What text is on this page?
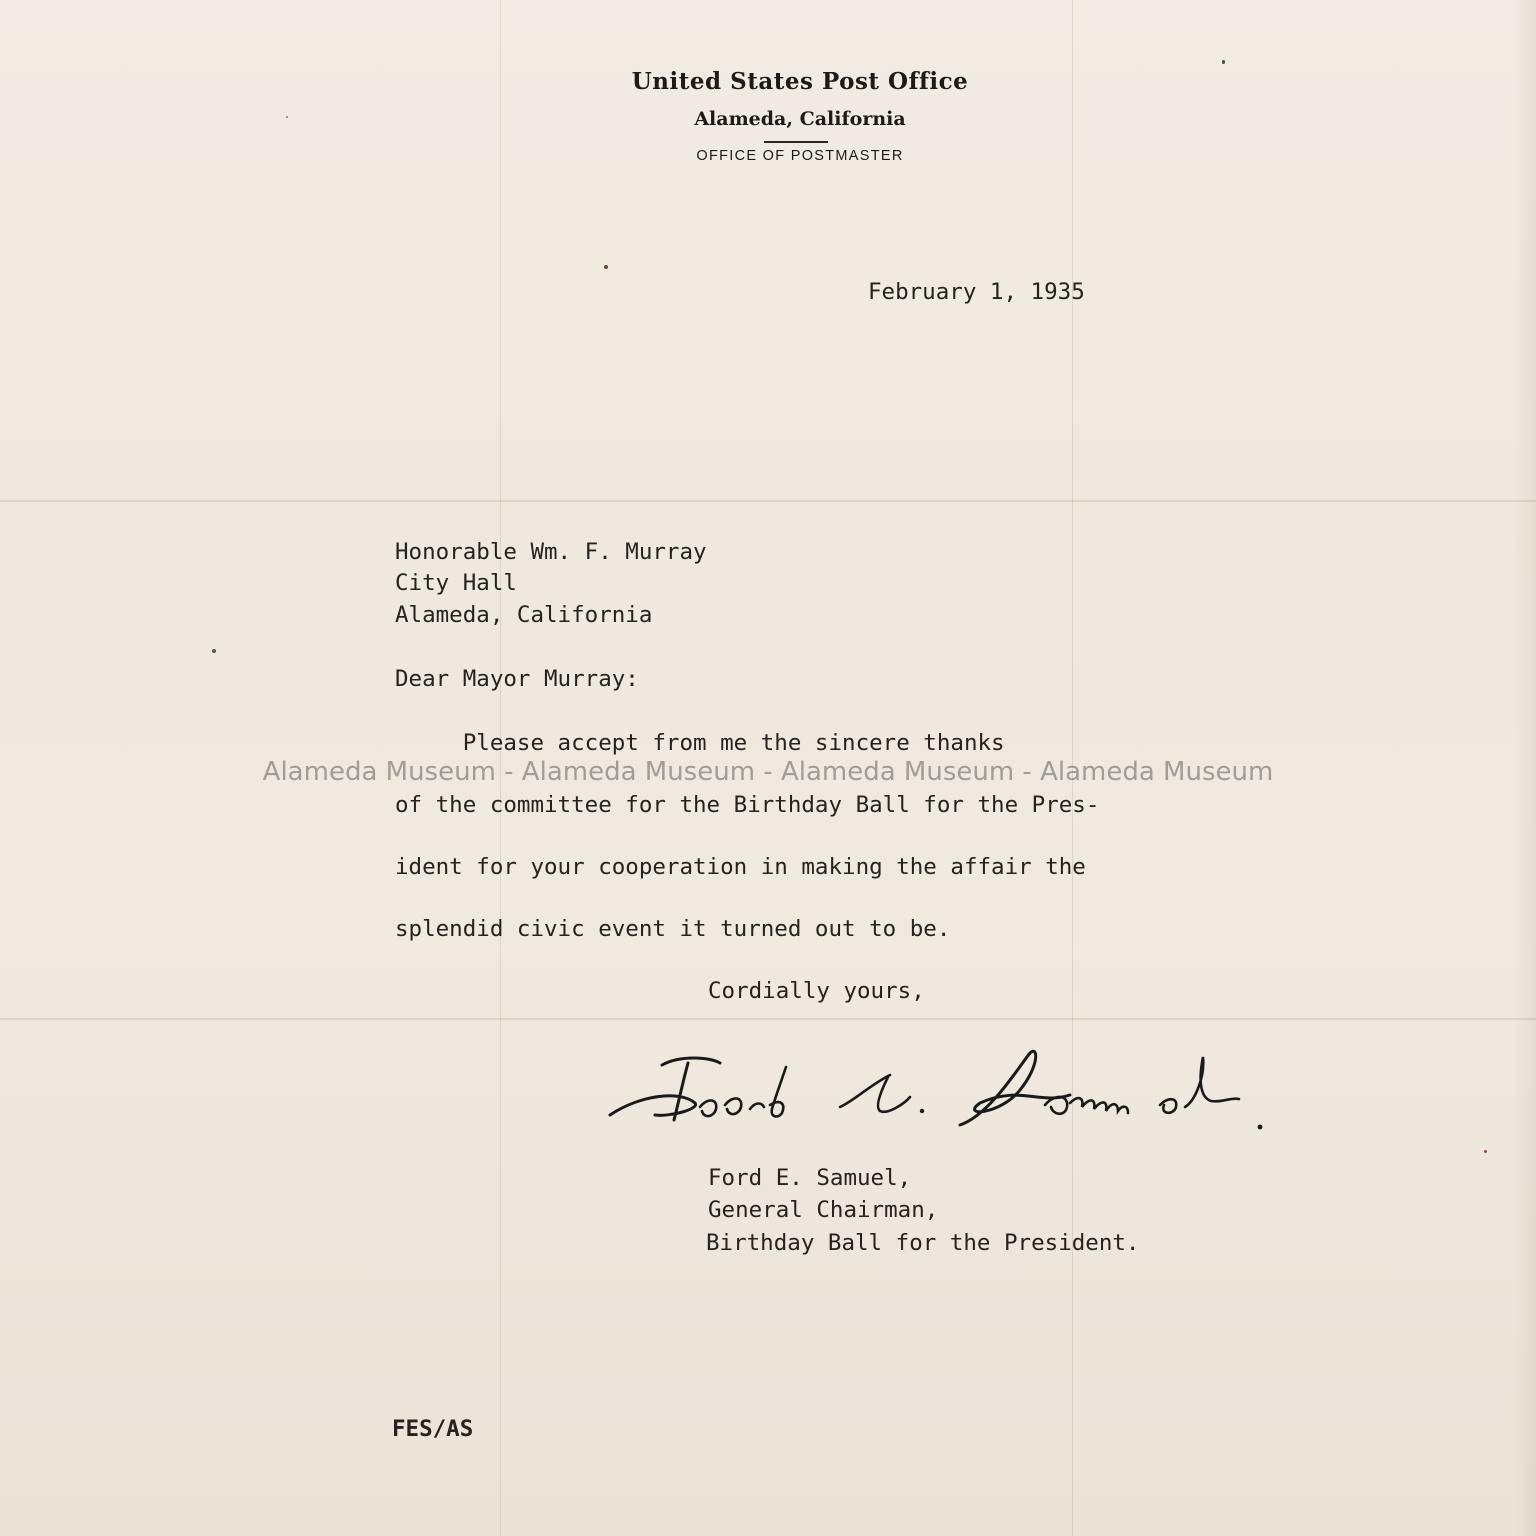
United States Post Office
Alameda, California
OFFICE OF POSTMASTER
February 1, 1935
Honorable Wm. F. Murray
City Hall
Alameda, California
Dear Mayor Murray:
Please accept from me the sincere thanks
of the committee for the Birthday Ball for the Pres-
ident for your cooperation in making the affair the
splendid civic event it turned out to be.
Alameda Museum - Alameda Museum - Alameda Museum - Alameda Museum
Cordially yours,
Ford E. Samuel,
General Chairman,
Birthday Ball for the President.
FES/AS
